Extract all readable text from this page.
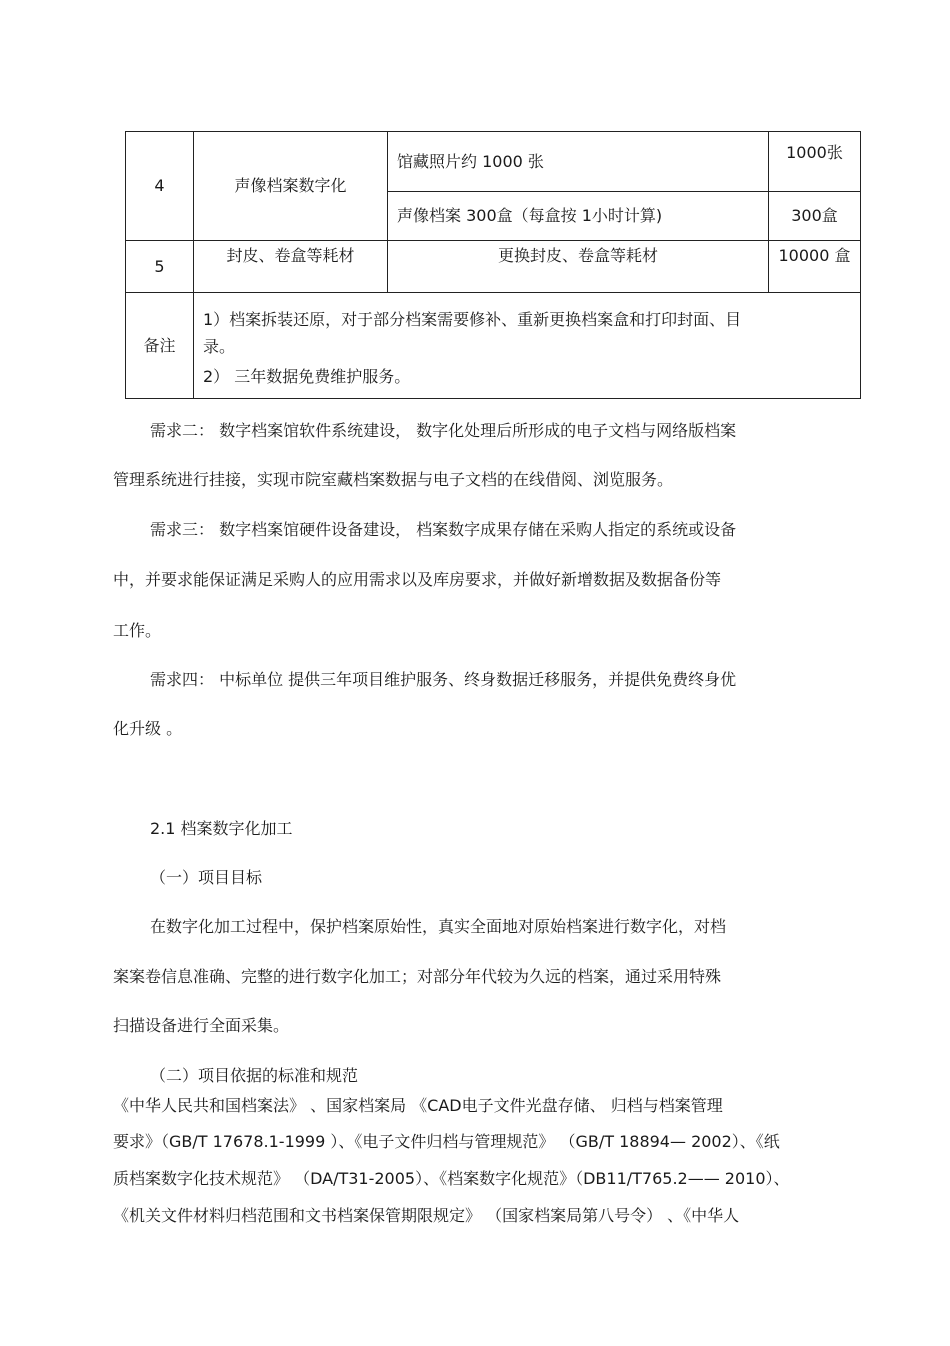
4	声像档案数字化	馆藏照片约 1000 张	1000张
		声像档案 300盒（每盒按 1小时计算)	300盒
5	封皮、卷盒等耗材	更换封皮、卷盒等耗材	10000 盒
备注	1）档案拆装还原，对于部分档案需要修补、重新更换档案盒和打印封面、目
录。
2） 三年数据免费维护服务。		

需求二： 数字档案馆软件系统建设， 数字化处理后所形成的电子文档与网络版档案

管理系统进行挂接，实现市院室藏档案数据与电子文档的在线借阅、浏览服务。

需求三： 数字档案馆硬件设备建设， 档案数字成果存储在采购人指定的系统或设备

中，并要求能保证满足采购人的应用需求以及库房要求，并做好新增数据及数据备份等

工作。

需求四： 中标单位 提供三年项目维护服务、终身数据迁移服务，并提供免费终身优

化升级 。

2.1 档案数字化加工

（一）项目目标

在数字化加工过程中，保护档案原始性，真实全面地对原始档案进行数字化，对档

案案卷信息准确、完整的进行数字化加工；对部分年代较为久远的档案，通过采用特殊

扫描设备进行全面采集。

（二）项目依据的标准和规范

《中华人民共和国档案法》 、国家档案局 《CAD电子文件光盘存储、 归档与档案管理

要求》（GB/T 17678.1-1999 ）、《电子文件归档与管理规范》 （GB/T 18894— 2002）、《纸

质档案数字化技术规范》 （DA/T31-2005）、《档案数字化规范》（DB11/T765.2—— 2010）、

《机关文件材料归档范围和文书档案保管期限规定》 （国家档案局第八号令） 、《中华人
